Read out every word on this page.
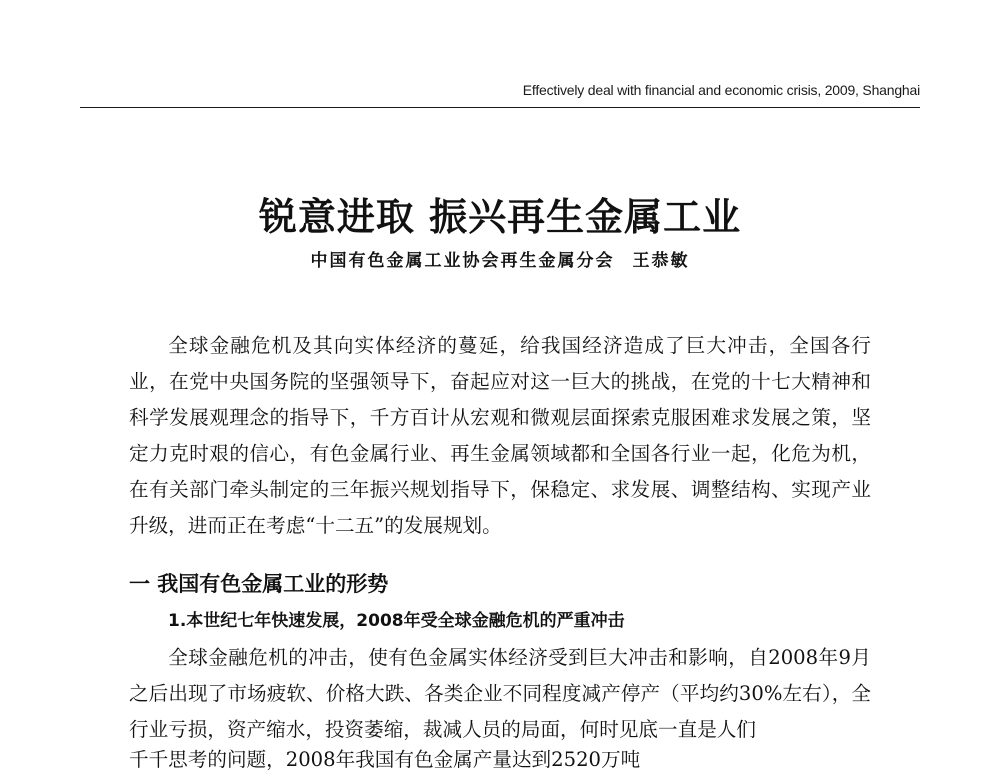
Effectively deal with financial and economic crisis, 2009, Shanghai
锐意进取 振兴再生金属工业
中国有色金属工业协会再生金属分会 王恭敏

全球金融危机及其向实体经济的蔓延，给我国经济造成了巨大冲击，全国各行业，在党中央国务院的坚强领导下，奋起应对这一巨大的挑战，在党的十七大精神和科学发展观理念的指导下，千方百计从宏观和微观层面探索克服困难求发展之策，坚定力克时艰的信心，有色金属行业、再生金属领域都和全国各行业一起，化危为机，在有关部门牵头制定的三年振兴规划指导下，保稳定、求发展、调整结构、实现产业升级，进而正在考虑“十二五”的发展规划。

一 我国有色金属工业的形势
1.本世纪七年快速发展，2008年受全球金融危机的严重冲击

全球金融危机的冲击，使有色金属实体经济受到巨大冲击和影响，自2008年9月之后出现了市场疲软、价格大跌、各类企业不同程度减产停产（平均约30%左右），全行业亏损，资产缩水，投资萎缩，裁减人员的局面，何时见底一直是人们

千千思考的问题，2008年我国有色金属产量达到2520万吨
